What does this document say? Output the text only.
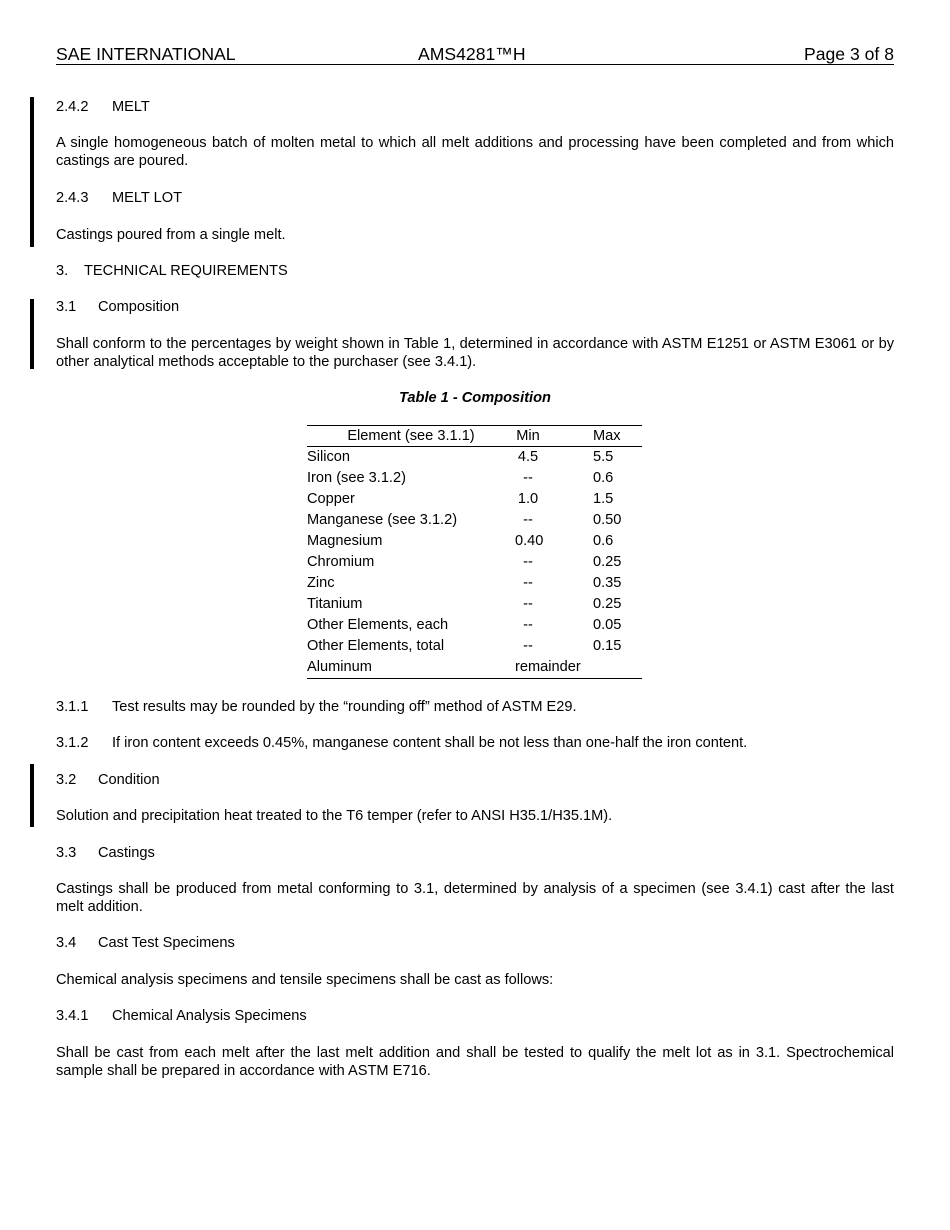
SAE INTERNATIONAL	AMS4281™H	Page 3 of 8
2.4.2 MELT
A single homogeneous batch of molten metal to which all melt additions and processing have been completed and from which castings are poured.
2.4.3 MELT LOT
Castings poured from a single melt.
3. TECHNICAL REQUIREMENTS
3.1 Composition
Shall conform to the percentages by weight shown in Table 1, determined in accordance with ASTM E1251 or ASTM E3061 or by other analytical methods acceptable to the purchaser (see 3.4.1).
Table 1 - Composition
Element (see 3.1.1)	Min	Max
Silicon	4.5	5.5
Iron (see 3.1.2)	--	0.6
Copper	1.0	1.5
Manganese (see 3.1.2)	--	0.50
Magnesium	0.40	0.6
Chromium	--	0.25
Zinc	--	0.35
Titanium	--	0.25
Other Elements, each	--	0.05
Other Elements, total	--	0.15
Aluminum	remainder	
3.1.1 Test results may be rounded by the “rounding off” method of ASTM E29.
3.1.2 If iron content exceeds 0.45%, manganese content shall be not less than one-half the iron content.
3.2 Condition
Solution and precipitation heat treated to the T6 temper (refer to ANSI H35.1/H35.1M).
3.3 Castings
Castings shall be produced from metal conforming to 3.1, determined by analysis of a specimen (see 3.4.1) cast after the last melt addition.
3.4 Cast Test Specimens
Chemical analysis specimens and tensile specimens shall be cast as follows:
3.4.1 Chemical Analysis Specimens
Shall be cast from each melt after the last melt addition and shall be tested to qualify the melt lot as in 3.1. Spectrochemical sample shall be prepared in accordance with ASTM E716.
